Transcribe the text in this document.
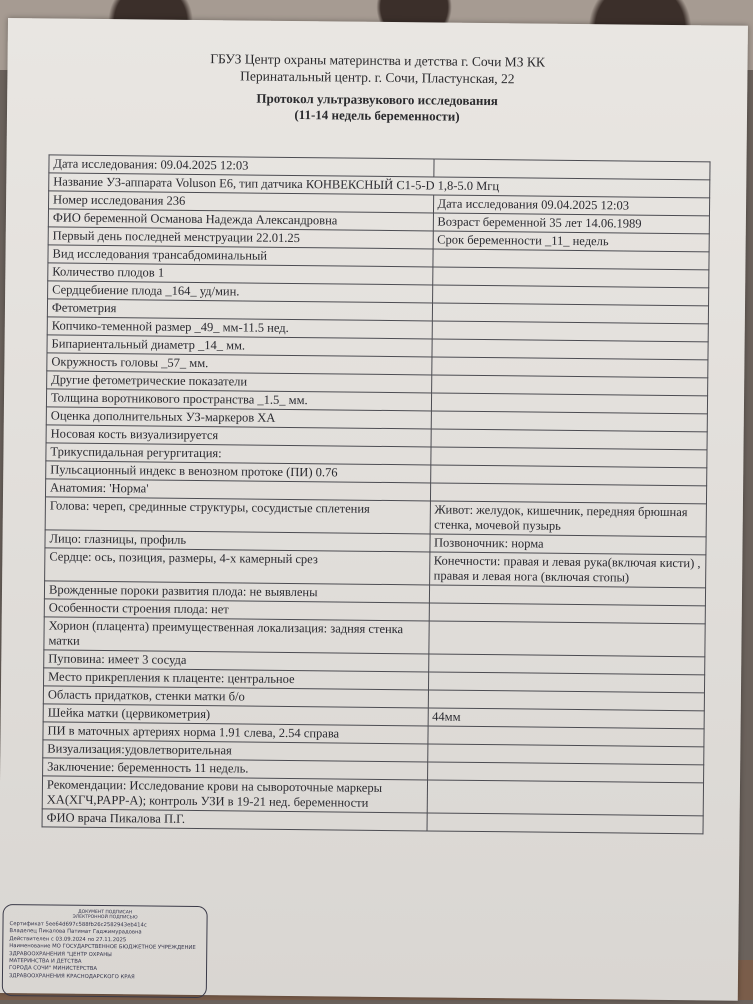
ГБУЗ Центр охраны материнства и детства г. Сочи МЗ КК
Перинатальный центр. г. Сочи, Пластунская, 22
Протокол ультразвукового исследования
(11-14 недель беременности)
Дата исследования: 09.04.2025 12:03	
Название УЗ-аппарата Voluson E6, тип датчика КОНВЕКСНЫЙ C1-5-D 1,8-5.0 Мгц	
Номер исследования 236	Дата исследования 09.04.2025 12:03
ФИО беременной Османова Надежда Александровна	Возраст беременной 35 лет 14.06.1989
Первый день последней менструации 22.01.25	Срок беременности _11_ недель
Вид исследования трансабдоминальный	
Количество плодов 1	
Сердцебиение плода _164_ уд/мин.	
Фетометрия	
Копчико-теменной размер _49_ мм-11.5 нед.	
Бипариентальный диаметр _14_ мм.	
Окружность головы _57_ мм.	
Другие фетометрические показатели	
Толщина воротникового пространства _1.5_ мм.	
Оценка дополнительных УЗ-маркеров ХА	
Носовая кость визуализируется	
Трикуспидальная регургитация:	
Пульсационный индекс в венозном протоке (ПИ) 0.76	
Анатомия: 'Норма'	
Голова: череп, срединные структуры, сосудистые сплетения	Живот: желудок, кишечник, передняя брюшная стенка, мочевой пузырь
Лицо: глазницы, профиль	Позвоночник: норма
Сердце: ось, позиция, размеры, 4-х камерный срез	Конечности: правая и левая рука(включая кисти) , правая и левая нога (включая стопы)
Врожденные пороки развития плода: не выявлены	
Особенности строения плода: нет	
Хорион (плацента) преимущественная локализация: задняя стенка матки	
Пуповина: имеет 3 сосуда	
Место прикрепления к плаценте: центральное	
Область придатков, стенки матки б/о	
Шейка матки (цервикометрия)	44мм
ПИ в маточных артериях норма 1.91 слева, 2.54 справа	
Визуализация:удовлетворительная	
Заключение: беременность 11 недель.	
Рекомендации: Исследование крови на сывороточные маркеры ХА(ХГЧ,PAPP-A); контроль УЗИ в 19-21 нед. беременности	
ФИО врача Пикалова П.Г.	
ДОКУМЕНТ ПОДПИСАН
ЭЛЕКТРОННОЙ ПОДПИСЬЮ
Сертификат 5ee64d697c588fb26c2582943eb414c
Владелец Пикалова Патимат Гаджимурадовна
Действителен с 03.09.2024 по 27.11.2025
Наименование МО ГОСУДАРСТВЕННОЕ БЮДЖЕТНОЕ УЧРЕЖДЕНИЕ
ЗДРАВООХРАНЕНИЯ "ЦЕНТР ОХРАНЫ
МАТЕРИНСТВА И ДЕТСТВА
ГОРОДА СОЧИ" МИНИСТЕРСТВА
ЗДРАВООХРАНЕНИЯ КРАСНОДАРСКОГО КРАЯ
